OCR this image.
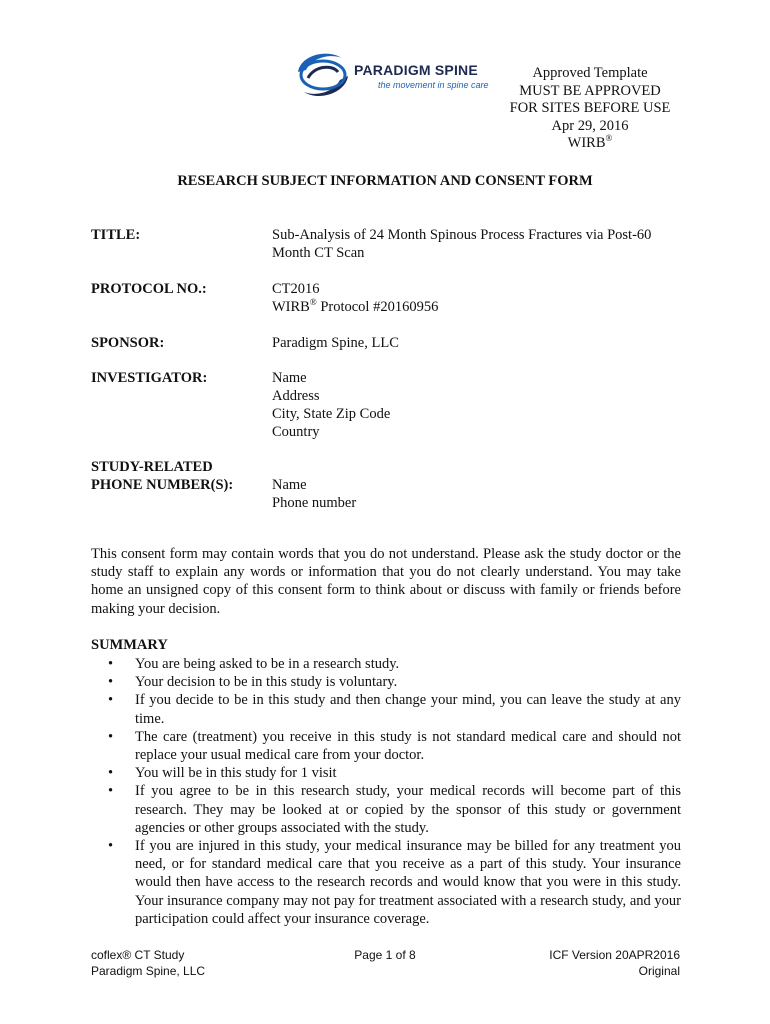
PARADIGM SPINE
the movement in spine care
Approved Template
MUST BE APPROVED
FOR SITES BEFORE USE
Apr 29, 2016
WIRB®
RESEARCH SUBJECT INFORMATION AND CONSENT FORM
TITLE:	Sub-Analysis of 24 Month Spinous Process Fractures via Post-60
Month CT Scan
PROTOCOL NO.:	CT2016
WIRB® Protocol #20160956
SPONSOR:	Paradigm Spine, LLC
INVESTIGATOR:	Name
Address
City, State Zip Code
Country
STUDY-RELATED
PHONE NUMBER(S):	Name
Phone number
This consent form may contain words that you do not understand. Please ask the study doctor or the study staff to explain any words or information that you do not clearly understand. You may take home an unsigned copy of this consent form to think about or discuss with family or friends before making your decision.
SUMMARY
• You are being asked to be in a research study.
• Your decision to be in this study is voluntary.
• If you decide to be in this study and then change your mind, you can leave the study at any time.
• The care (treatment) you receive in this study is not standard medical care and should not replace your usual medical care from your doctor.
• You will be in this study for 1 visit
• If you agree to be in this research study, your medical records will become part of this research. They may be looked at or copied by the sponsor of this study or government agencies or other groups associated with the study.
• If you are injured in this study, your medical insurance may be billed for any treatment you need, or for standard medical care that you receive as a part of this study. Your insurance would then have access to the research records and would know that you were in this study. Your insurance company may not pay for treatment associated with a research study, and your participation could affect your insurance coverage.
coflex® CT Study
Paradigm Spine, LLC
Page 1 of 8	ICF Version 20APR2016
Original
